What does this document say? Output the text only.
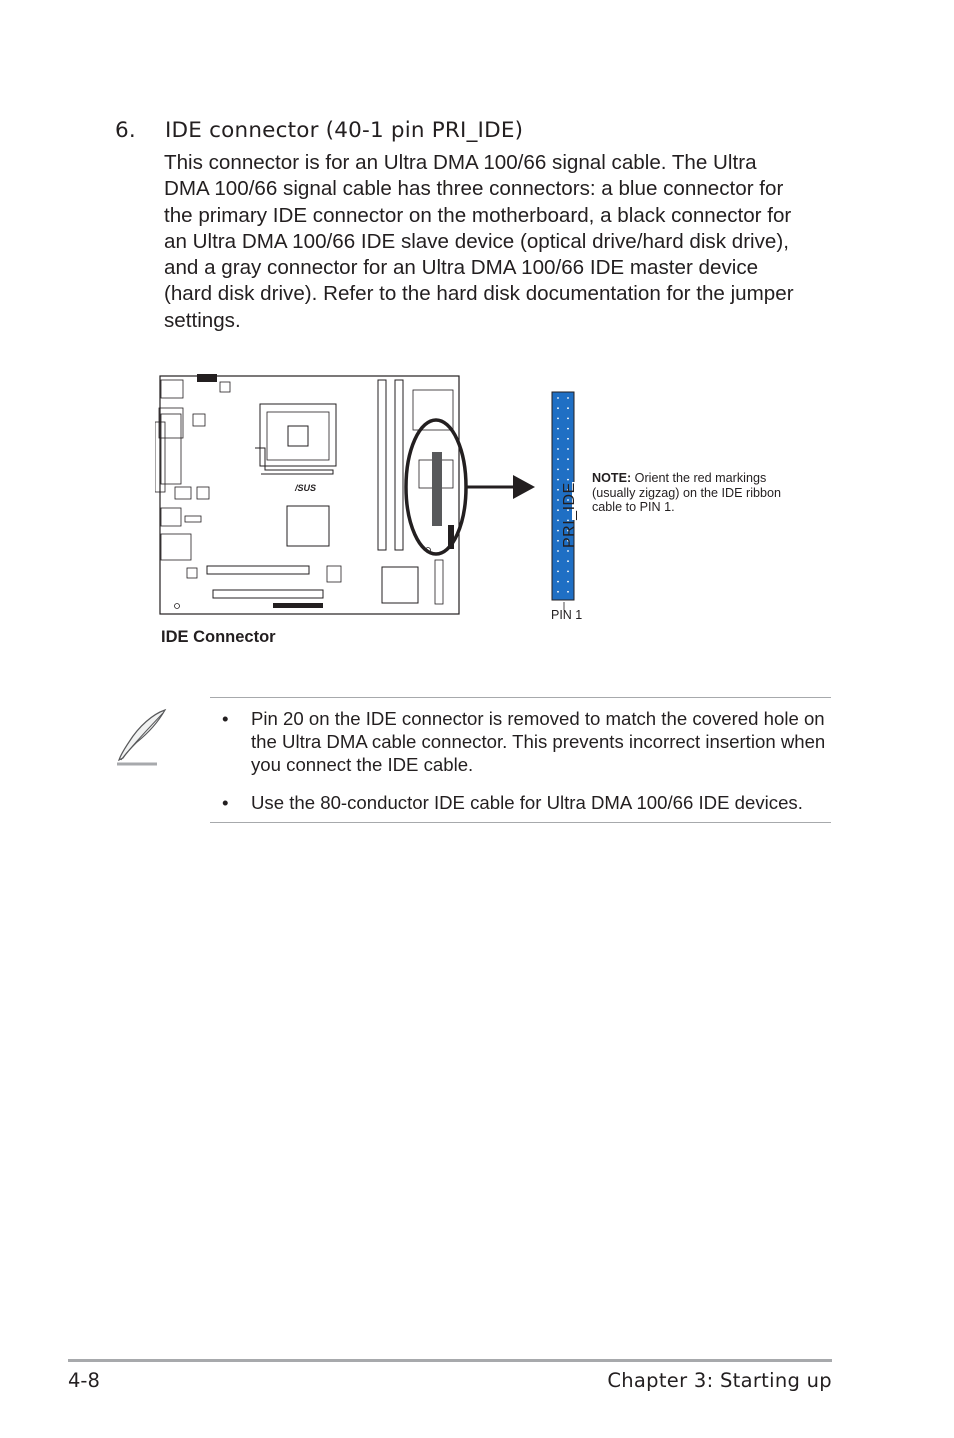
6. IDE connector (40-1 pin PRI_IDE)
This connector is for an Ultra DMA 100/66 signal cable. The Ultra
DMA 100/66 signal cable has three connectors: a blue connector for
the primary IDE connector on the motherboard, a black connector for
an Ultra DMA 100/66 IDE slave device (optical drive/hard disk drive),
and a gray connector for an Ultra DMA 100/66 IDE master device
(hard disk drive). Refer to the hard disk documentation for the jumper
settings.
/SUS
NOTE: Orient the red markings (usually zigzag) on the IDE ribbon cable to PIN 1.
PRI_IDE
PIN 1
IDE Connector
• Pin 20 on the IDE connector is removed to match the covered hole on the Ultra DMA cable connector. This prevents incorrect insertion when you connect the IDE cable.
• Use the 80-conductor IDE cable for Ultra DMA 100/66 IDE devices.
4-8	Chapter 3: Starting up
